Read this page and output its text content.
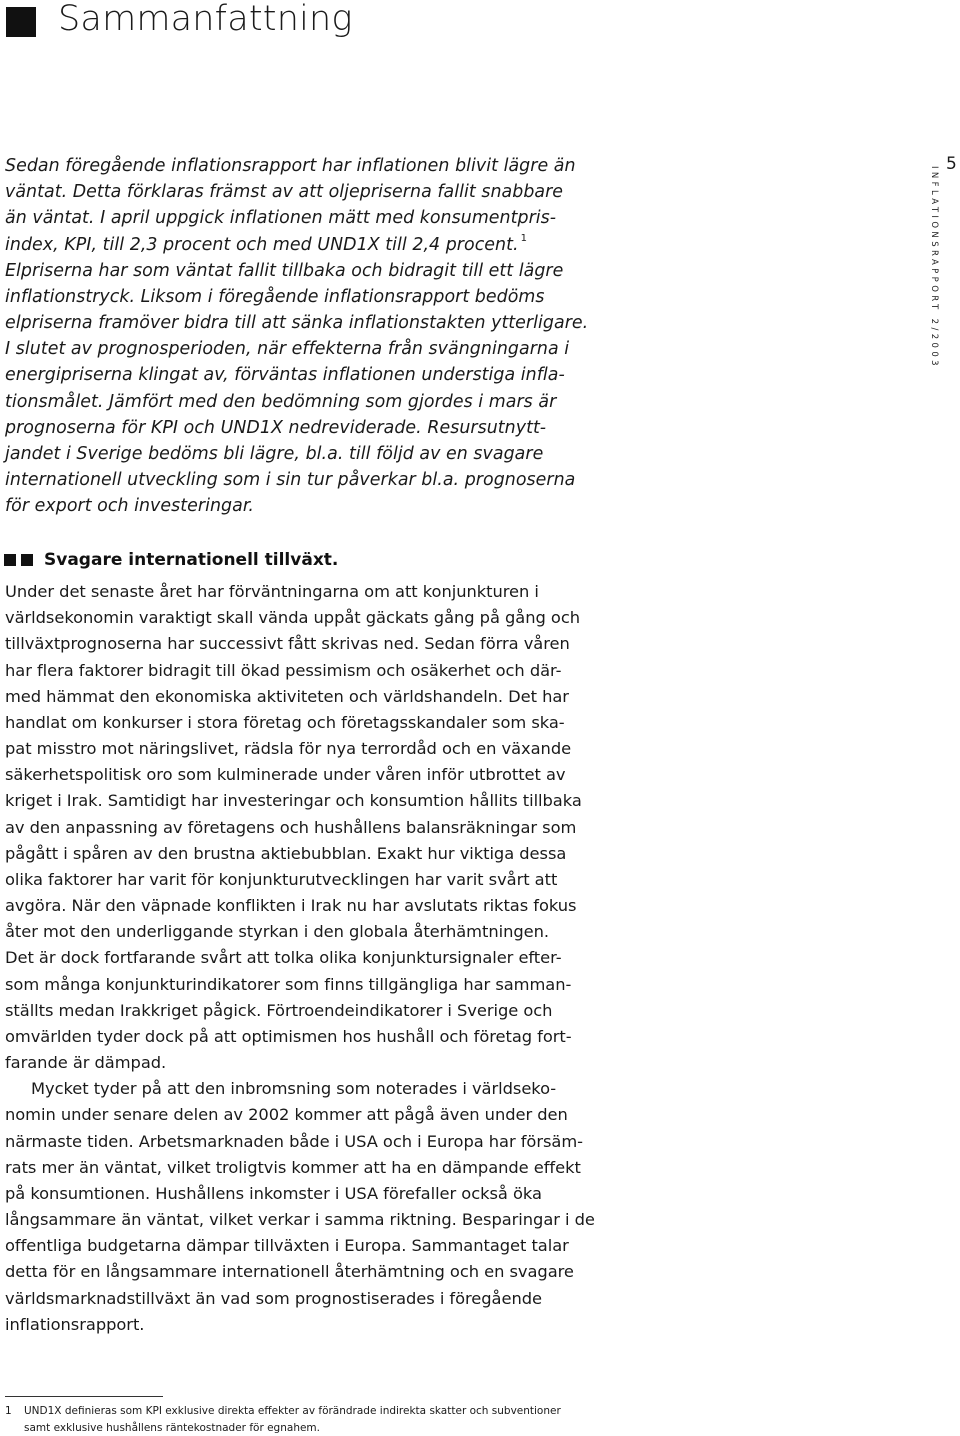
Sammanfattning
5
INFLATIONSRAPPORT 2/2003
Sedan föregående inflationsrapport har inflationen blivit lägre än
väntat. Detta förklaras främst av att oljepriserna fallit snabbare
än väntat. I april uppgick inflationen mätt med konsumentpris-
index, KPI, till 2,3 procent och med UND1X till 2,4 procent. $^1$
Elpriserna har som väntat fallit tillbaka och bidragit till ett lägre
inflationstryck. Liksom i föregående inflationsrapport bedöms
elpriserna framöver bidra till att sänka inflationstakten ytterligare.
I slutet av prognosperioden, när effekterna från svängningarna i
energipriserna klingat av, förväntas inflationen understiga infla-
tionsmålet. Jämfört med den bedömning som gjordes i mars är
prognoserna för KPI och UND1X nedreviderade. Resursutnytt-
jandet i Sverige bedöms bli lägre, bl.a. till följd av en svagare
internationell utveckling som i sin tur påverkar bl.a. prognoserna
för export och investeringar.
Svagare internationell tillväxt.
Under det senaste året har förväntningarna om att konjunkturen i
världsekonomin varaktigt skall vända uppåt gäckats gång på gång och
tillväxtprognoserna har successivt fått skrivas ned. Sedan förra våren
har flera faktorer bidragit till ökad pessimism och osäkerhet och där-
med hämmat den ekonomiska aktiviteten och världshandeln. Det har
handlat om konkurser i stora företag och företagsskandaler som ska-
pat misstro mot näringslivet, rädsla för nya terrordåd och en växande
säkerhetspolitisk oro som kulminerade under våren inför utbrottet av
kriget i Irak. Samtidigt har investeringar och konsumtion hållits tillbaka
av den anpassning av företagens och hushållens balansräkningar som
pågått i spåren av den brustna aktiebubblan. Exakt hur viktiga dessa
olika faktorer har varit för konjunkturutvecklingen har varit svårt att
avgöra. När den väpnade konflikten i Irak nu har avslutats riktas fokus
åter mot den underliggande styrkan i den globala återhämtningen.
Det är dock fortfarande svårt att tolka olika konjunktursignaler efter-
som många konjunkturindikatorer som finns tillgängliga har samman-
ställts medan Irakkriget pågick. Förtroendeindikatorer i Sverige och
omvärlden tyder dock på att optimismen hos hushåll och företag fort-
farande är dämpad.
Mycket tyder på att den inbromsning som noterades i världseko-
nomin under senare delen av 2002 kommer att pågå även under den
närmaste tiden. Arbetsmarknaden både i USA och i Europa har försäm-
rats mer än väntat, vilket troligtvis kommer att ha en dämpande effekt
på konsumtionen. Hushållens inkomster i USA förefaller också öka
långsammare än väntat, vilket verkar i samma riktning. Besparingar i de
offentliga budgetarna dämpar tillväxten i Europa. Sammantaget talar
detta för en långsammare internationell återhämtning och en svagare
världsmarknadstillväxt än vad som prognostiserades i föregående
inflationsrapport.
1 UND1X definieras som KPI exklusive direkta effekter av förändrade indirekta skatter och subventioner
samt exklusive hushållens räntekostnader för egnahem.
